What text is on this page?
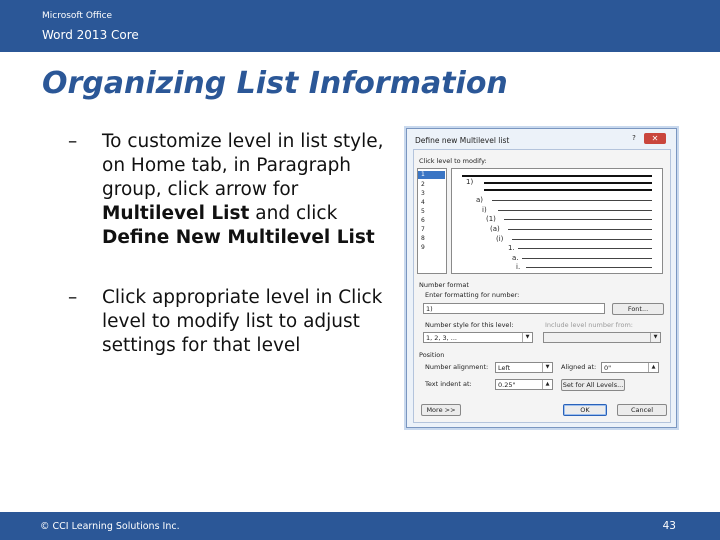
Microsoft Office
Word 2013 Core
Organizing List Information
– To customize level in list style, on Home tab, in Paragraph group, click arrow for Multilevel List and click Define New Multilevel List
– Click appropriate level in Click level to modify list to adjust settings for that level
Define new Multilevel list	?	✕
Click level to modify:
1
2
3
4
5
6
7
8
9
1)
a)
i)
(1)
(a)
(i)
1.
a.
i.
Number format
Enter formatting for number:
1)	Font...
Number style for this level:	Include level number from:
1, 2, 3, ...	▼	▼
Position
Number alignment:	Left	▼	Aligned at:	0"	▲
Text indent at:	0.25"	▲	Set for All Levels...
More >>	OK	Cancel
© CCI Learning Solutions Inc.	43
